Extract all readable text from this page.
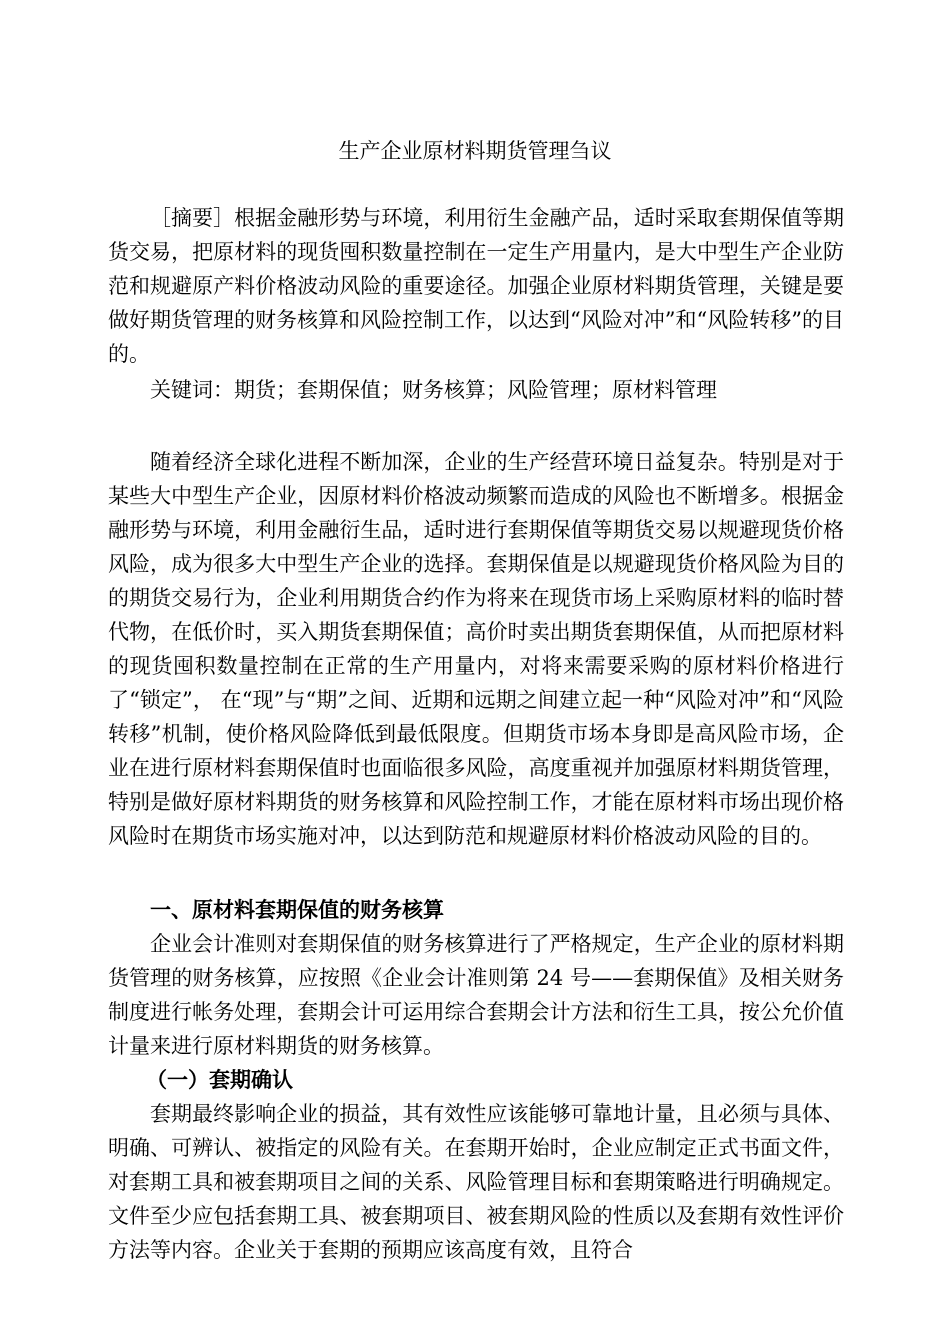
生产企业原材料期货管理刍议
［摘要］根据金融形势与环境，利用衍生金融产品，适时采取套期保值等期货交易，把原材料的现货囤积数量控制在一定生产用量内，是大中型生产企业防范和规避原产料价格波动风险的重要途径。加强企业原材料期货管理，关键是要做好期货管理的财务核算和风险控制工作，以达到“风险对冲”和“风险转移”的目的。
关键词：期货；套期保值；财务核算；风险管理；原材料管理
随着经济全球化进程不断加深，企业的生产经营环境日益复杂。特别是对于某些大中型生产企业，因原材料价格波动频繁而造成的风险也不断增多。根据金融形势与环境，利用金融衍生品，适时进行套期保值等期货交易以规避现货价格风险，成为很多大中型生产企业的选择。套期保值是以规避现货价格风险为目的的期货交易行为，企业利用期货合约作为将来在现货市场上采购原材料的临时替代物，在低价时，买入期货套期保值；高价时卖出期货套期保值，从而把原材料的现货囤积数量控制在正常的生产用量内，对将来需要采购的原材料价格进行了“锁定”， 在“现”与“期”之间、近期和远期之间建立起一种“风险对冲”和“风险转移”机制，使价格风险降低到最低限度。但期货市场本身即是高风险市场，企业在进行原材料套期保值时也面临很多风险，高度重视并加强原材料期货管理，特别是做好原材料期货的财务核算和风险控制工作，才能在原材料市场出现价格风险时在期货市场实施对冲，以达到防范和规避原材料价格波动风险的目的。
一、原材料套期保值的财务核算
企业会计准则对套期保值的财务核算进行了严格规定，生产企业的原材料期货管理的财务核算，应按照《企业会计准则第 24 号——套期保值》及相关财务制度进行帐务处理，套期会计可运用综合套期会计方法和衍生工具，按公允价值计量来进行原材料期货的财务核算。
（一）套期确认
套期最终影响企业的损益，其有效性应该能够可靠地计量，且必须与具体、明确、可辨认、被指定的风险有关。在套期开始时，企业应制定正式书面文件，对套期工具和被套期项目之间的关系、风险管理目标和套期策略进行明确规定。文件至少应包括套期工具、被套期项目、被套期风险的性质以及套期有效性评价方法等内容。企业关于套期的预期应该高度有效，且符合
